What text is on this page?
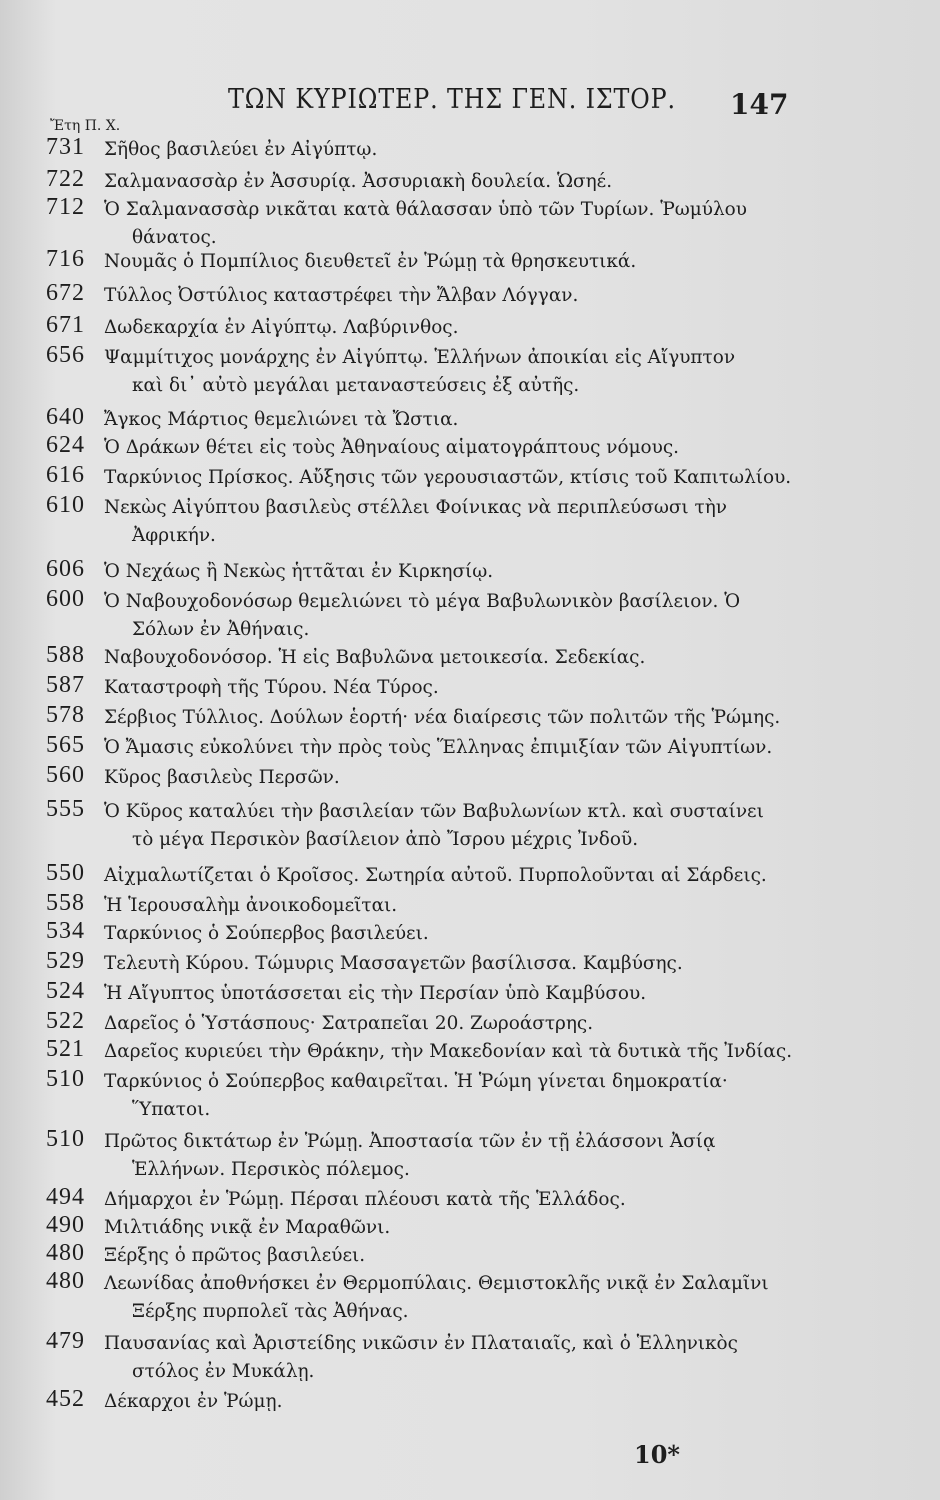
ΤΩΝ ΚΥΡΙΩΤΕΡ. ΤΗΣ ΓΕΝ. ΙΣΤΟΡ. 147
Ἔτη Π. Χ.
731	Σῆθος βασιλεύει ἐν Αἰγύπτῳ.
722	Σαλμανασσὰρ ἐν Ἀσσυρίᾳ. Ἀσσυριακὴ δουλεία. Ὡσηέ.
712	Ὁ Σαλμανασσὰρ νικᾶται κατὰ θάλασσαν ὑπὸ τῶν Τυρίων. Ῥωμύλου
θάνατος.
716	Νουμᾶς ὁ Πομπίλιος διευθετεῖ ἐν Ῥώμῃ τὰ θρησκευτικά.
672	Τύλλος Ὀστύλιος καταστρέφει τὴν Ἄλβαν Λόγγαν.
671	Δωδεκαρχία ἐν Αἰγύπτῳ. Λαβύρινθος.
656	Ψαμμίτιχος μονάρχης ἐν Αἰγύπτῳ. Ἑλλήνων ἀποικίαι εἰς Αἴγυπτον
καὶ δι᾽ αὐτὸ μεγάλαι μεταναστεύσεις ἐξ αὐτῆς.
640	Ἄγκος Μάρτιος θεμελιώνει τὰ Ὤστια.
624	Ὁ Δράκων θέτει εἰς τοὺς Ἀθηναίους αἱματογράπτους νόμους.
616	Ταρκύνιος Πρίσκος. Αὔξησις τῶν γερουσιαστῶν, κτίσις τοῦ Καπιτωλίου.
610	Νεκὼς Αἰγύπτου βασιλεὺς στέλλει Φοίνικας νὰ περιπλεύσωσι τὴν
Ἀφρικήν.
606	Ὁ Νεχάως ἢ Νεκὼς ἡττᾶται ἐν Κιρκησίῳ.
600	Ὁ Ναβουχοδονόσωρ θεμελιώνει τὸ μέγα Βαβυλωνικὸν βασίλειον. Ὁ
Σόλων ἐν Ἀθήναις.
588	Ναβουχοδονόσορ. Ἡ εἰς Βαβυλῶνα μετοικεσία. Σεδεκίας.
587	Καταστροφὴ τῆς Τύρου. Νέα Τύρος.
578	Σέρβιος Τύλλιος. Δούλων ἑορτή· νέα διαίρεσις τῶν πολιτῶν τῆς Ῥώμης.
565	Ὁ Ἄμασις εὐκολύνει τὴν πρὸς τοὺς Ἕλληνας ἐπιμιξίαν τῶν Αἰγυπτίων.
560	Κῦρος βασιλεὺς Περσῶν.
555	Ὁ Κῦρος καταλύει τὴν βασιλείαν τῶν Βαβυλωνίων κτλ. καὶ συσταίνει
τὸ μέγα Περσικὸν βασίλειον ἀπὸ Ἴσρου μέχρις Ἰνδοῦ.
550	Αἰχμαλωτίζεται ὁ Κροῖσος. Σωτηρία αὐτοῦ. Πυρπολοῦνται αἱ Σάρδεις.
558	Ἡ Ἱερουσαλὴμ ἀνοικοδομεῖται.
534	Ταρκύνιος ὁ Σούπερβος βασιλεύει.
529	Τελευτὴ Κύρου. Τώμυρις Μασσαγετῶν βασίλισσα. Καμβύσης.
524	Ἡ Αἴγυπτος ὑποτάσσεται εἰς τὴν Περσίαν ὑπὸ Καμβύσου.
522	Δαρεῖος ὁ Ὑστάσπους· Σατραπεῖαι 20. Ζωροάστρης.
521	Δαρεῖος κυριεύει τὴν Θράκην, τὴν Μακεδονίαν καὶ τὰ δυτικὰ τῆς Ἰνδίας.
510	Ταρκύνιος ὁ Σούπερβος καθαιρεῖται. Ἡ Ῥώμη γίνεται δημοκρατία·
Ὕπατοι.
510	Πρῶτος δικτάτωρ ἐν Ῥώμῃ. Ἀποστασία τῶν ἐν τῇ ἐλάσσονι Ἀσίᾳ
Ἑλλήνων. Περσικὸς πόλεμος.
494	Δήμαρχοι ἐν Ῥώμῃ. Πέρσαι πλέουσι κατὰ τῆς Ἑλλάδος.
490	Μιλτιάδης νικᾷ ἐν Μαραθῶνι.
480	Ξέρξης ὁ πρῶτος βασιλεύει.
480	Λεωνίδας ἀποθνήσκει ἐν Θερμοπύλαις. Θεμιστοκλῆς νικᾷ ἐν Σαλαμῖνι
Ξέρξης πυρπολεῖ τὰς Ἀθήνας.
479	Παυσανίας καὶ Ἀριστείδης νικῶσιν ἐν Πλαταιαῖς, καὶ ὁ Ἑλληνικὸς
στόλος ἐν Μυκάλῃ.
452	Δέκαρχοι ἐν Ῥώμῃ.
10*
